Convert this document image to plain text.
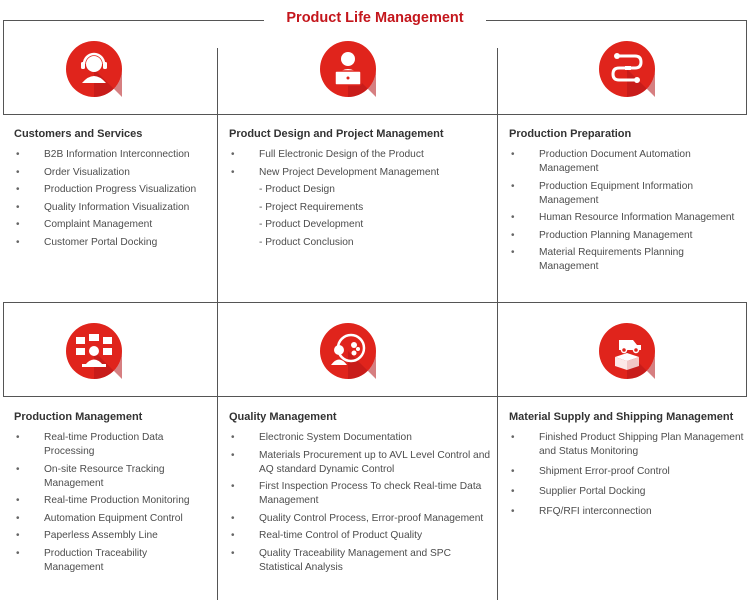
Product Life Management
Customers and Services
• B2B Information Interconnection
• Order Visualization
• Production Progress Visualization
• Quality Information Visualization
• Complaint Management
• Customer Portal Docking
Product Design and Project Management
• Full Electronic Design of the Product
• New Project Development Management
- Product Design
- Project Requirements
- Product Development
- Product Conclusion
Production Preparation
• Production Document Automation Management
• Production Equipment Information Management
• Human Resource Information Management
• Production Planning Management
• Material Requirements Planning Management
Production Management
• Real-time Production Data Processing
• On-site Resource Tracking Management
• Real-time Production Monitoring
• Automation Equipment Control
• Paperless Assembly Line
• Production Traceability Management
Quality Management
• Electronic System Documentation
• Materials Procurement up to AVL Level Control and AQ standard Dynamic Control
• First Inspection Process To check Real-time Data Management
• Quality Control Process, Error-proof Management
• Real-time Control of Product Quality
• Quality Traceability Management and SPC Statistical Analysis
Material Supply and Shipping Management
• Finished Product Shipping Plan Management and Status Monitoring
• Shipment Error-proof Control
• Supplier Portal Docking
• RFQ/RFI interconnection
